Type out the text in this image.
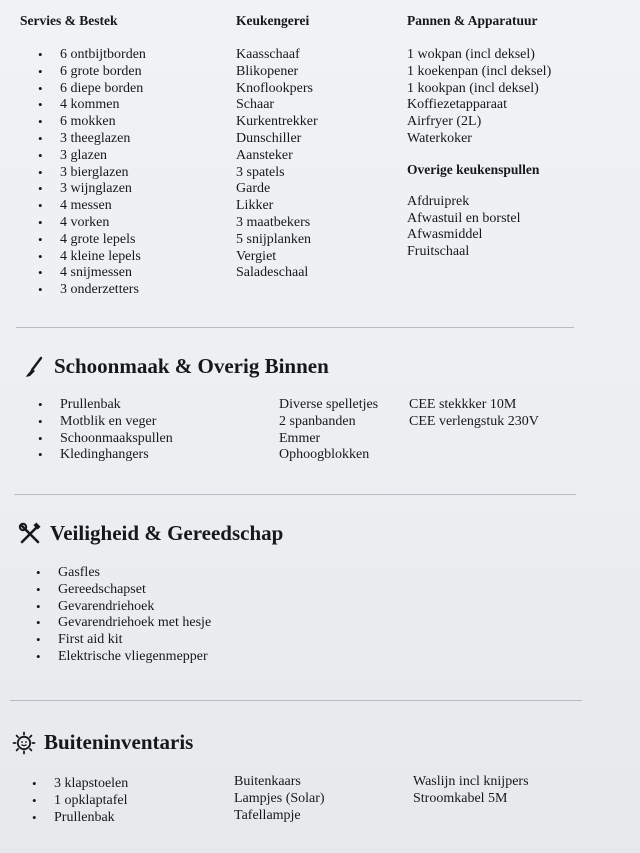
Servies & Bestek
• 6 ontbijtborden
• 6 grote borden
• 6 diepe borden
• 4 kommen
• 6 mokken
• 3 theeglazen
• 3 glazen
• 3 bierglazen
• 3 wijnglazen
• 4 messen
• 4 vorken
• 4 grote lepels
• 4 kleine lepels
• 4 snijmessen
• 3 onderzetters
Keukengerei
Kaasschaaf
Blikopener
Knoflookpers
Schaar
Kurkentrekker
Dunschiller
Aansteker
3 spatels
Garde
Likker
3 maatbekers
5 snijplanken
Vergiet
Saladeschaal
Pannen & Apparatuur
1 wokpan (incl deksel)
1 koekenpan (incl deksel)
1 kookpan (incl deksel)
Koffiezetapparaat
Airfryer (2L)
Waterkoker
Overige keukenspullen
Afdruiprek
Afwastuil en borstel
Afwasmiddel
Fruitschaal
Schoonmaak & Overig Binnen
• Prullenbak
• Motblik en veger
• Schoonmaakspullen
• Kledinghangers
Diverse spelletjes
2 spanbanden
Emmer
Ophoogblokken
CEE stekkker 10M
CEE verlengstuk 230V
Veiligheid & Gereedschap
• Gasfles
• Gereedschapset
• Gevarendriehoek
• Gevarendriehoek met hesje
• First aid kit
• Elektrische vliegenmepper
Buiteninventaris
• 3 klapstoelen
• 1 opklaptafel
• Prullenbak
Buitenkaars
Lampjes (Solar)
Tafellampje
Waslijn incl knijpers
Stroomkabel 5M
